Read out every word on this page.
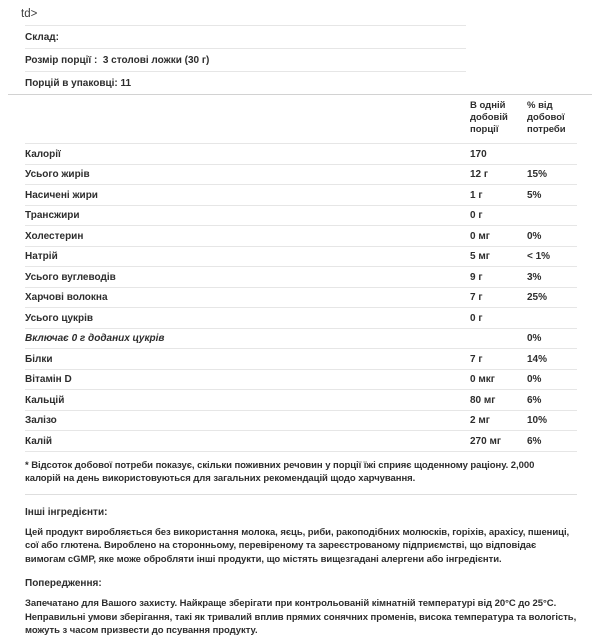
td>
Склад:
Розмір порції :  3 столові ложки (30 г)
Порцій в упаковці: 11
	В одній добовій порції	% від добової потреби
Калорії	170	
Усього жирів	12 г	15%
Насичені жири	1 г	5%
Трансжири	0 г	
Холестерин	0 мг	0%
Натрій	5 мг	< 1%
Усього вуглеводів	9 г	3%
Харчові волокна	7 г	25%
Усього цукрів	0 г	
Включає 0 г доданих цукрів		0%
Білки	7 г	14%
Вітамін D	0 мкг	0%
Кальцій	80 мг	6%
Залізо	2 мг	10%
Калій	270 мг	6%
* Відсоток добової потреби показує, скільки поживних речовин у порції їжі сприяє щоденному раціону. 2,000 калорій на день використовуються для загальних рекомендацій щодо харчування.
Інші інгредієнти:

Цей продукт виробляється без використання молока, яєць, риби, ракоподібних молюсків, горіхів, арахісу, пшениці, сої або глютена. Вироблено на сторонньому, перевіреному та зареєстрованому підприємстві, що відповідає вимогам cGMP, яке може обробляти інші продукти, що містять вищезгадані алергени або інгредієнти.

Попередження:

Запечатано для Вашого захисту. Найкраще зберігати при контрольованій кімнатній температурі від 20°C до 25°C. Неправильні умови зберігання, такі як тривалий вплив прямих сонячних променів, висока температура та вологість, можуть з часом призвести до псування продукту.
